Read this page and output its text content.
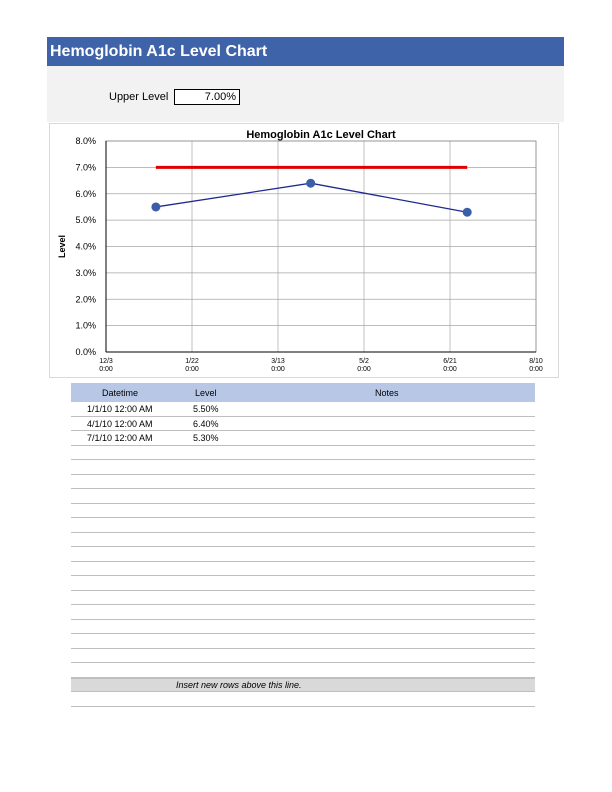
Hemoglobin A1c Level Chart
Upper Level	7.00%
Hemoglobin A1c Level Chart
0.0%
1.0%
2.0%
3.0%
4.0%
5.0%
6.0%
7.0%
8.0%
12/3
0:00
1/22
0:00
3/13
0:00
5/2
0:00
6/21
0:00
8/10
0:00
Level
Datetime	Level	Notes
1/1/10 12:00 AM	5.50%
4/1/10 12:00 AM	6.40%
7/1/10 12:00 AM	5.30%
Insert new rows above this line.
